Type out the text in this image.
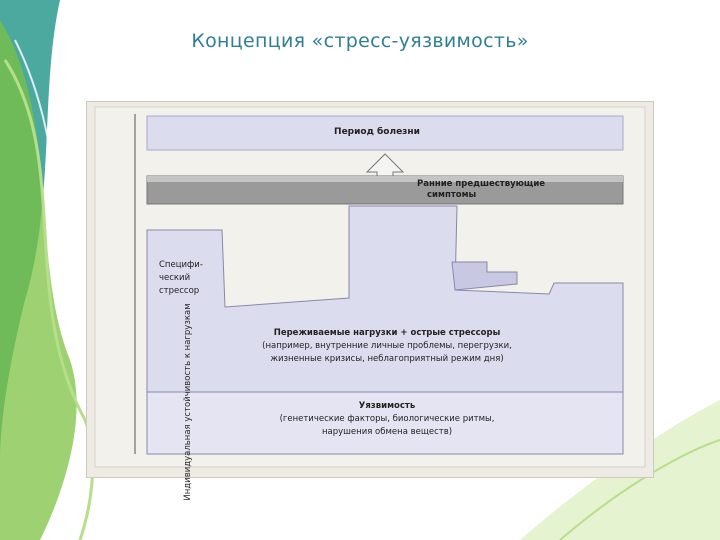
Концепция «стресс-уязвимость»
Индивидуальная устойчивость к нагрузкам
Период болезни
Ранние предшествующие
симптомы
Специфи-
ческий
стрессор
Переживаемые нагрузки + острые стрессоры
(например, внутренние личные проблемы, перегрузки,
жизненные кризисы, неблагоприятный режим дня)
Уязвимость
(генетические факторы, биологические ритмы,
нарушения обмена веществ)
